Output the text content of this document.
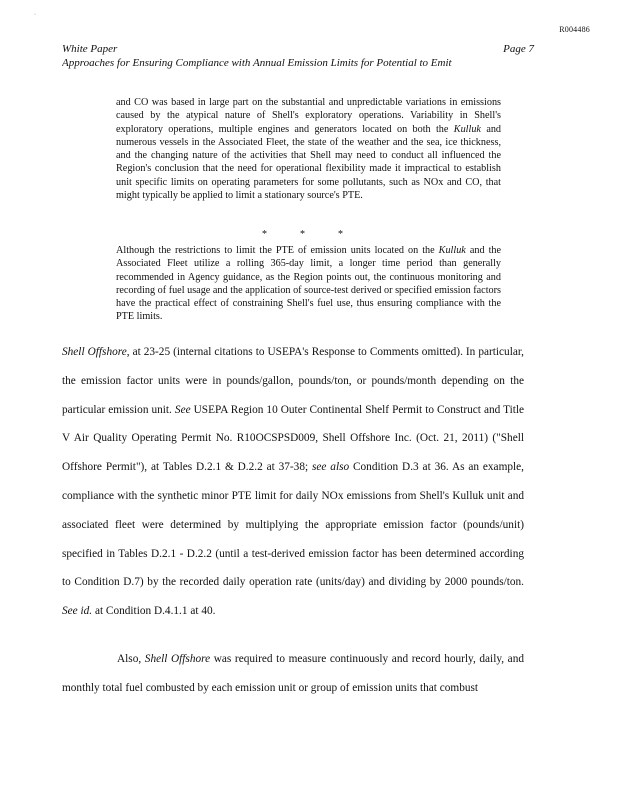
·
R004486
White Paper	Page 7
Approaches for Ensuring Compliance with Annual Emission Limits for Potential to Emit

and CO was based in large part on the substantial and unpredictable variations in emissions caused by the atypical nature of Shell's exploratory operations. Variability in Shell's exploratory operations, multiple engines and generators located on both the Kulluk and numerous vessels in the Associated Fleet, the state of the weather and the sea, ice thickness, and the changing nature of the activities that Shell may need to conduct all influenced the Region's conclusion that the need for operational flexibility made it impractical to establish unit specific limits on operating parameters for some pollutants, such as NOx and CO, that might typically be applied to limit a stationary source's PTE.

*	*	*

Although the restrictions to limit the PTE of emission units located on the Kulluk and the Associated Fleet utilize a rolling 365-day limit, a longer time period than generally recommended in Agency guidance, as the Region points out, the continuous monitoring and recording of fuel usage and the application of source-test derived or specified emission factors have the practical effect of constraining Shell's fuel use, thus ensuring compliance with the PTE limits.

Shell Offshore, at 23-25 (internal citations to USEPA's Response to Comments omitted). In particular, the emission factor units were in pounds/gallon, pounds/ton, or pounds/month depending on the particular emission unit. See USEPA Region 10 Outer Continental Shelf Permit to Construct and Title V Air Quality Operating Permit No. R10OCSPSD009, Shell Offshore Inc. (Oct. 21, 2011) ("Shell Offshore Permit"), at Tables D.2.1 & D.2.2 at 37-38; see also Condition D.3 at 36. As an example, compliance with the synthetic minor PTE limit for daily NOx emissions from Shell's Kulluk unit and associated fleet were determined by multiplying the appropriate emission factor (pounds/unit) specified in Tables D.2.1 - D.2.2 (until a test-derived emission factor has been determined according to Condition D.7) by the recorded daily operation rate (units/day) and dividing by 2000 pounds/ton. See id. at Condition D.4.1.1 at 40.

Also, Shell Offshore was required to measure continuously and record hourly, daily, and monthly total fuel combusted by each emission unit or group of emission units that combust
